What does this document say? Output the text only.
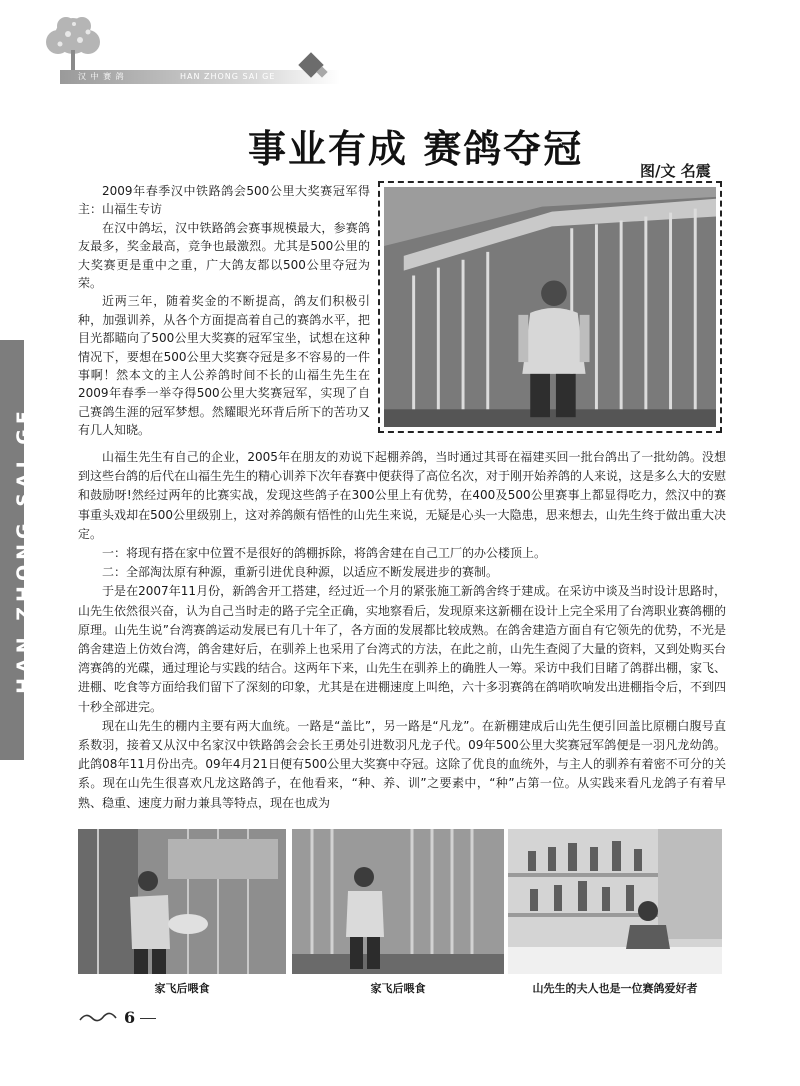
汉 中 赛 鸽	HAN ZHONG SAI GE
HAN ZHONG SAI GE
事业有成 赛鸽夺冠	图/文 名震

2009年春季汉中铁路鸽会500公里大奖赛冠军得主：山福生专访

在汉中鸽坛，汉中铁路鸽会赛事规模最大，参赛鸽友最多，奖金最高，竞争也最激烈。尤其是500公里的大奖赛更是重中之重，广大鸽友都以500公里夺冠为荣。

近两三年，随着奖金的不断提高，鸽友们积极引种，加强训养，从各个方面提高着自己的赛鸽水平，把目光都瞄向了500公里大奖赛的冠军宝坐，试想在这种情况下，要想在500公里大奖赛夺冠是多不容易的一件事啊！然本文的主人公养鸽时间不长的山福生先生在2009年春季一举夺得500公里大奖赛冠军，实现了自己赛鸽生涯的冠军梦想。然耀眼光环背后所下的苦功又有几人知晓。

山福生先生有自己的企业，2005年在朋友的劝说下起棚养鸽，当时通过其哥在福建买回一批台鸽出了一批幼鸽。没想到这些台鸽的后代在山福生先生的精心训养下次年春赛中便获得了高位名次，对于刚开始养鸽的人来说，这是多么大的安慰和鼓励呀!然经过两年的比赛实战，发现这些鸽子在300公里上有优势，在400及500公里赛事上都显得吃力，然汉中的赛事重头戏却在500公里级别上，这对养鸽颇有悟性的山先生来说，无疑是心头一大隐患，思来想去，山先生终于做出重大决定。

一：将现有搭在家中位置不是很好的鸽棚拆除，将鸽舍建在自己工厂的办公楼顶上。

二：全部淘汰原有种源，重新引进优良种源，以适应不断发展进步的赛制。

于是在2007年11月份，新鸽舍开工搭建，经过近一个月的紧张施工新鸽舍终于建成。在采访中谈及当时设计思路时，山先生依然很兴奋，认为自己当时走的路子完全正确，实地察看后，发现原来这新棚在设计上完全采用了台湾职业赛鸽棚的原理。山先生说”台湾赛鸽运动发展已有几十年了，各方面的发展都比较成熟。在鸽舍建造方面自有它领先的优势，不光是鸽舍建造上仿效台湾，鸽舍建好后，在驯养上也采用了台湾式的方法，在此之前，山先生查阅了大量的资料，又到处购买台湾赛鸽的光碟，通过理论与实践的结合。这两年下来，山先生在驯养上的确胜人一筹。采访中我们目睹了鸽群出棚，家飞、进棚、吃食等方面给我们留下了深刻的印象，尤其是在进棚速度上叫绝，六十多羽赛鸽在鸽哨吹响发出进棚指令后，不到四十秒全部进完。

现在山先生的棚内主要有两大血统。一路是“盖比”，另一路是“凡龙”。在新棚建成后山先生便引回盖比原棚白腹号直系数羽，接着又从汉中名家汉中铁路鸽会会长王勇处引进数羽凡龙子代。09年500公里大奖赛冠军鸽便是一羽凡龙幼鸽。此鸽08年11月份出壳。09年4月21日便有500公里大奖赛中夺冠。这除了优良的血统外，与主人的驯养有着密不可分的关系。现在山先生很喜欢凡龙这路鸽子，在他看来，“种、养、训”之要素中，“种”占第一位。从实践来看凡龙鸽子有着早熟、稳重、速度力耐力兼具等特点，现在也成为

家飞后喂食	家飞后喂食	山先生的夫人也是一位赛鸽爱好者
6
